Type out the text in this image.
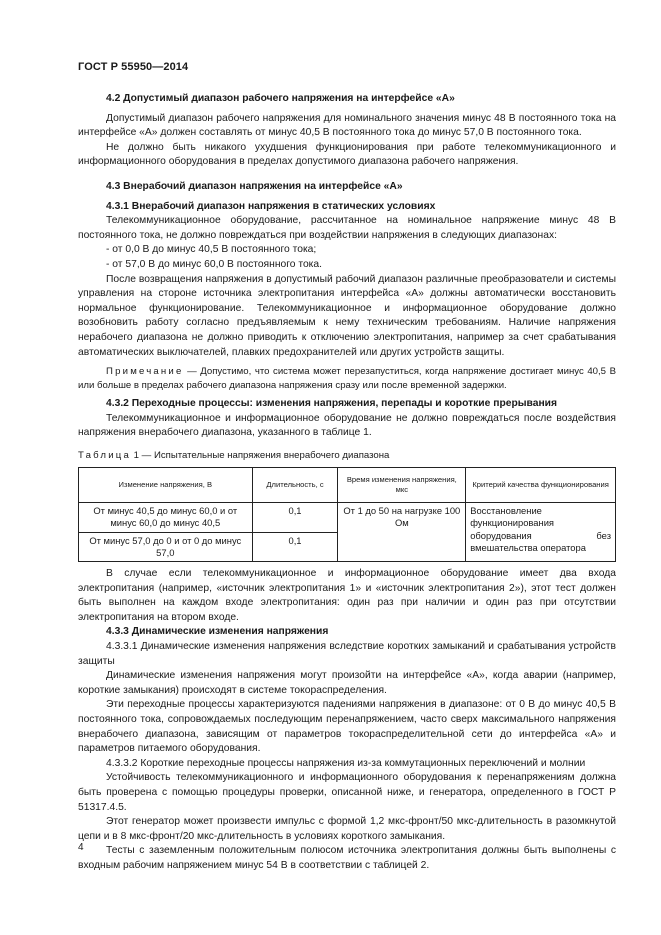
ГОСТ Р 55950—2014
4.2 Допустимый диапазон рабочего напряжения на интерфейсе «А»

Допустимый диапазон рабочего напряжения для номинального значения минус 48 В постоянного тока на интерфейсе «А» должен составлять от минус 40,5 В постоянного тока до минус 57,0 В постоянного тока.

Не должно быть никакого ухудшения функционирования при работе телекоммуникационного и информационного оборудования в пределах допустимого диапазона рабочего напряжения.

4.3 Внерабочий диапазон напряжения на интерфейсе «А»
4.3.1 Внерабочий диапазон напряжения в статических условиях

Телекоммуникационное оборудование, рассчитанное на номинальное напряжение минус 48 В постоянного тока, не должно повреждаться при воздействии напряжения в следующих диапазонах:

- от 0,0 В до минус 40,5 В постоянного тока;

- от 57,0 В до минус 60,0 В постоянного тока.

После возвращения напряжения в допустимый рабочий диапазон различные преобразователи и системы управления на стороне источника электропитания интерфейса «А» должны автоматически восстановить нормальное функционирование. Телекоммуникационное и информационное оборудование должно возобновить работу согласно предъявляемым к нему техническим требованиям. Наличие напряжения нерабочего диапазона не должно приводить к отключению электропитания, например за счет срабатывания автоматических выключателей, плавких предохранителей или других устройств защиты.

Примечание — Допустимо, что система может перезапуститься, когда напряжение достигает минус 40,5 В или больше в пределах рабочего диапазона напряжения сразу или после временной задержки.

4.3.2 Переходные процессы: изменения напряжения, перепады и короткие прерывания

Телекоммуникационное и информационное оборудование не должно повреждаться после воздействия напряжения внерабочего диапазона, указанного в таблице 1.

Таблица 1 — Испытательные напряжения внерабочего диапазона
Изменение напряжения, В	Длительность, с	Время изменения напряжения, мкс	Критерий качества функционирования
От минус 40,5 до минус 60,0 и от минус 60,0 до минус 40,5	0,1	От 1 до 50 на нагрузке 100 Ом	Восстановление функционирования оборудования без вмешательства оператора
От минус 57,0 до 0 и от 0 до минус 57,0	0,1		

В случае если телекоммуникационное и информационное оборудование имеет два входа электропитания (например, «источник электропитания 1» и «источник электропитания 2»), этот тест должен быть выполнен на каждом входе электропитания: один раз при наличии и один раз при отсутствии электропитания на втором входе.

4.3.3 Динамические изменения напряжения

4.3.3.1 Динамические изменения напряжения вследствие коротких замыканий и срабатывания устройств защиты

Динамические изменения напряжения могут произойти на интерфейсе «А», когда аварии (например, короткие замыкания) происходят в системе токораспределения.

Эти переходные процессы характеризуются падениями напряжения в диапазоне: от 0 В до минус 40,5 В постоянного тока, сопровождаемых последующим перенапряжением, часто сверх максимального напряжения внерабочего диапазона, зависящим от параметров токораспределительной сети до интерфейса «А» и параметров питаемого оборудования.

4.3.3.2 Короткие переходные процессы напряжения из-за коммутационных переключений и молнии

Устойчивость телекоммуникационного и информационного оборудования к перенапряжениям должна быть проверена с помощью процедуры проверки, описанной ниже, и генератора, определенного в ГОСТ Р 51317.4.5.

Этот генератор может произвести импульс с формой 1,2 мкс-фронт/50 мкс-длительность в разомкнутой цепи и в 8 мкс-фронт/20 мкс-длительность в условиях короткого замыкания.

Тесты с заземленным положительным полюсом источника электропитания должны быть выполнены с входным рабочим напряжением минус 54 В в соответствии с таблицей 2.

4
